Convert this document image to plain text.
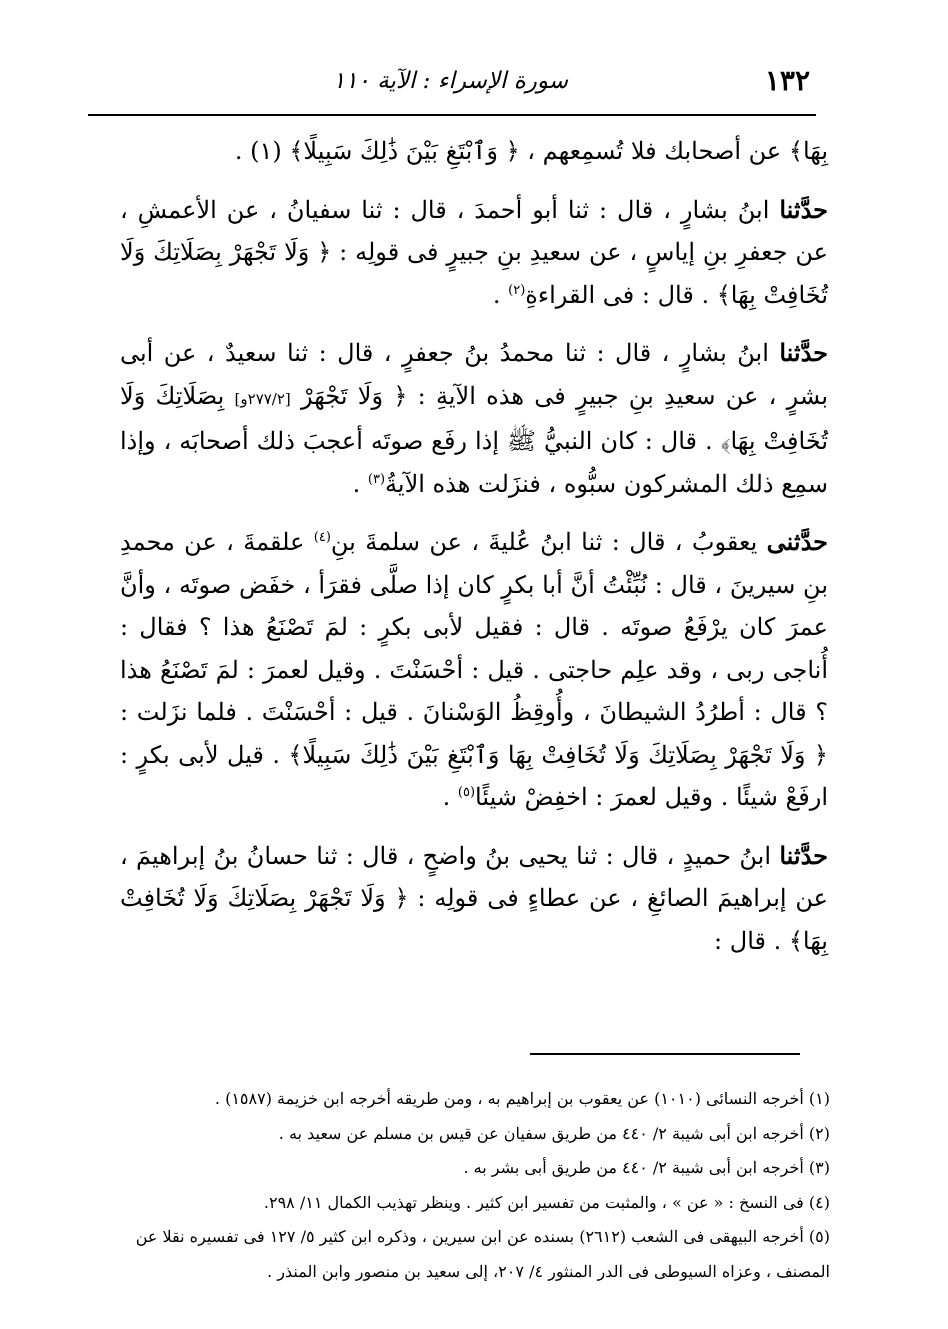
١٣٢
سورة الإسراء : الآية ١١٠

بِهَا﴾ عن أصحابك فلا تُسمِعهم ، ﴿ وَٱبْتَغِ بَيْنَ ذَٰلِكَ سَبِيلًا﴾ (١) .

حدَّثنا ابنُ بشارٍ ، قال : ثنا أبو أحمدَ ، قال : ثنا سفيانُ ، عن الأعمشِ ، عن جعفرِ بنِ إياسٍ ، عن سعيدِ بنِ جبيرٍ فى قولِه : ﴿ وَلَا تَجْهَرْ بِصَلَاتِكَ وَلَا تُخَافِتْ بِهَا﴾ . قال : فى القراءةِ$^{(٢)}$ .

حدَّثنا ابنُ بشارٍ ، قال : ثنا محمدُ بنُ جعفرٍ ، قال : ثنا سعيدٌ ، عن أبى بشرٍ ، عن سعيدِ بنِ جبيرٍ فى هذه الآيةِ : ﴿ وَلَا تَجْهَرْ [٢٧٧/٢و] بِصَلَاتِكَ وَلَا تُخَافِتْ بِهَا﴾ . قال : كان النبيُّ ﷺ إذا رفَع صوتَه أعجبَ ذلك أصحابَه ، وإذا سمِع ذلك المشركون سبُّوه ، فنزَلت هذه الآيةُ$^{(٣)}$ .

حدَّثنى يعقوبُ ، قال : ثنا ابنُ عُليةَ ، عن سلمةَ بنِ$^{(٤)}$ علقمةَ ، عن محمدِ بنِ سيرينَ ، قال : نُبِّئْتُ أنَّ أبا بكرٍ كان إذا صلَّى فقرَأ ، خفَض صوتَه ، وأنَّ عمرَ كان يرْفَعُ صوتَه . قال : فقيل لأبى بكرٍ : لمَ تَصْنَعُ هذا ؟ فقال : أُناجى ربى ، وقد علِم حاجتى . قيل : أحْسَنْتَ . وقيل لعمرَ : لمَ تَصْنَعُ هذا ؟ قال : أطرُدُ الشيطانَ ، وأُوقِظُ الوَسْنانَ . قيل : أحْسَنْتَ . فلما نزَلت : ﴿ وَلَا تَجْهَرْ بِصَلَاتِكَ وَلَا تُخَافِتْ بِهَا وَٱبْتَغِ بَيْنَ ذَٰلِكَ سَبِيلًا﴾ . قيل لأبى بكرٍ : ارفَعْ شيئًا . وقيل لعمرَ : اخفِضْ شيئًا$^{(٥)}$ .

حدَّثنا ابنُ حميدٍ ، قال : ثنا يحيى بنُ واضحٍ ، قال : ثنا حسانُ بنُ إبراهيمَ ، عن إبراهيمَ الصائغِ ، عن عطاءٍ فى قولِه : ﴿ وَلَا تَجْهَرْ بِصَلَاتِكَ وَلَا تُخَافِتْ بِهَا﴾ . قال :

(١) أخرجه النسائى (١٠١٠) عن يعقوب بن إبراهيم به ، ومن طريقه أخرجه ابن خزيمة (١٥٨٧) .

(٢) أخرجه ابن أبى شيبة ٢/ ٤٤٠ من طريق سفيان عن قيس بن مسلم عن سعيد به .

(٣) أخرجه ابن أبى شيبة ٢/ ٤٤٠ من طريق أبى بشر به .

(٤) فى النسخ : « عن » ، والمثبت من تفسير ابن كثير . وينظر تهذيب الكمال ١١/ ٢٩٨.

(٥) أخرجه البيهقى فى الشعب (٢٦١٢) بسنده عن ابن سيرين ، وذكره ابن كثير ٥/ ١٢٧ فى تفسيره نقلا عن المصنف ، وعزاه السيوطى فى الدر المنثور ٤/ ٢٠٧، إلى سعيد بن منصور وابن المنذر .
